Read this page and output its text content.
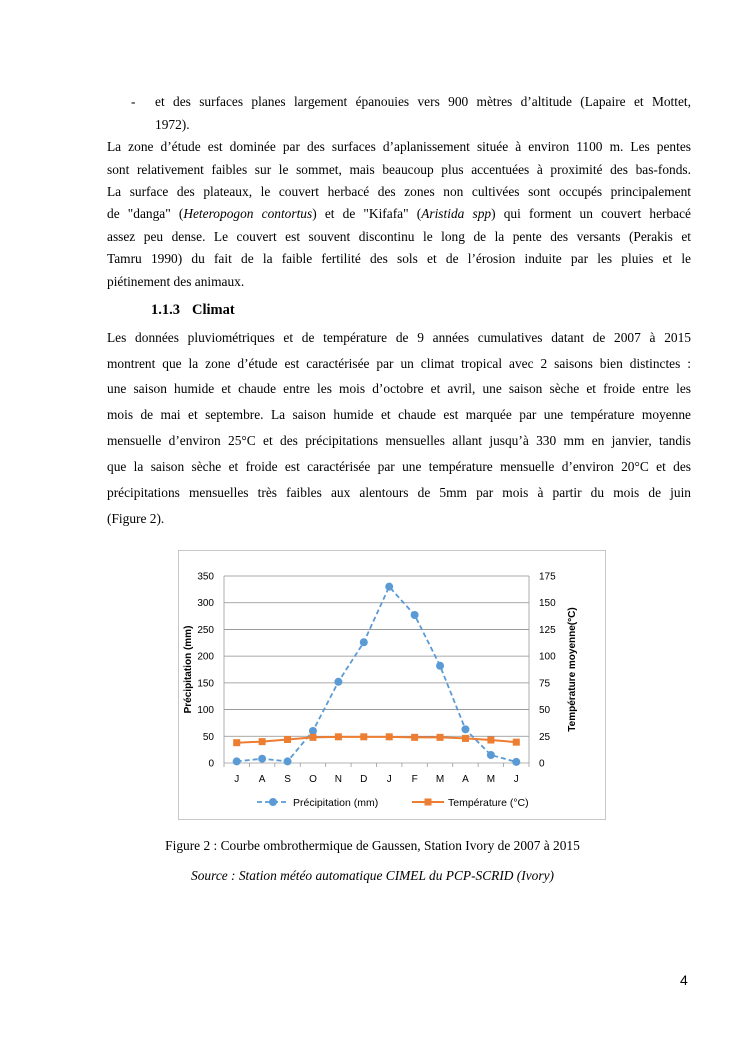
- et des surfaces planes largement épanouies vers 900 mètres d’altitude (Lapaire et Mottet,
1972).
La zone d’étude est dominée par des surfaces d’aplanissement située à environ 1100 m. Les pentes
sont relativement faibles sur le sommet, mais beaucoup plus accentuées à proximité des bas-fonds.
La surface des plateaux, le couvert herbacé des zones non cultivées sont occupés principalement
de "danga" (Heteropogon contortus) et de "Kifafa" (Aristida spp) qui forment un couvert herbacé
assez peu dense. Le couvert est souvent discontinu le long de la pente des versants (Perakis et
Tamru 1990) du fait de la faible fertilité des sols et de l’érosion induite par les pluies et le
piétinement des animaux.
1.1.3 Climat
Les données pluviométriques et de température de 9 années cumulatives datant de 2007 à 2015
montrent que la zone d’étude est caractérisée par un climat tropical avec 2 saisons bien distinctes :
une saison humide et chaude entre les mois d’octobre et avril, une saison sèche et froide entre les
mois de mai et septembre. La saison humide et chaude est marquée par une température moyenne
mensuelle d’environ 25°C et des précipitations mensuelles allant jusqu’à 330 mm en janvier, tandis
que la saison sèche et froide est caractérisée par une température mensuelle d’environ 20°C et des
précipitations mensuelles très faibles aux alentours de 5mm par mois à partir du mois de juin
(Figure 2).
0
50
100
150
200
250
300
350
0
25
50
75
100
125
150
175
J A S O N D J F M A M J
Précipitation (mm)	Température moyenne(°C)
Précipitation (mm)	Température (°C)
Figure 2 : Courbe ombrothermique de Gaussen, Station Ivory de 2007 à 2015
Source : Station météo automatique CIMEL du PCP-SCRID (Ivory)
4
